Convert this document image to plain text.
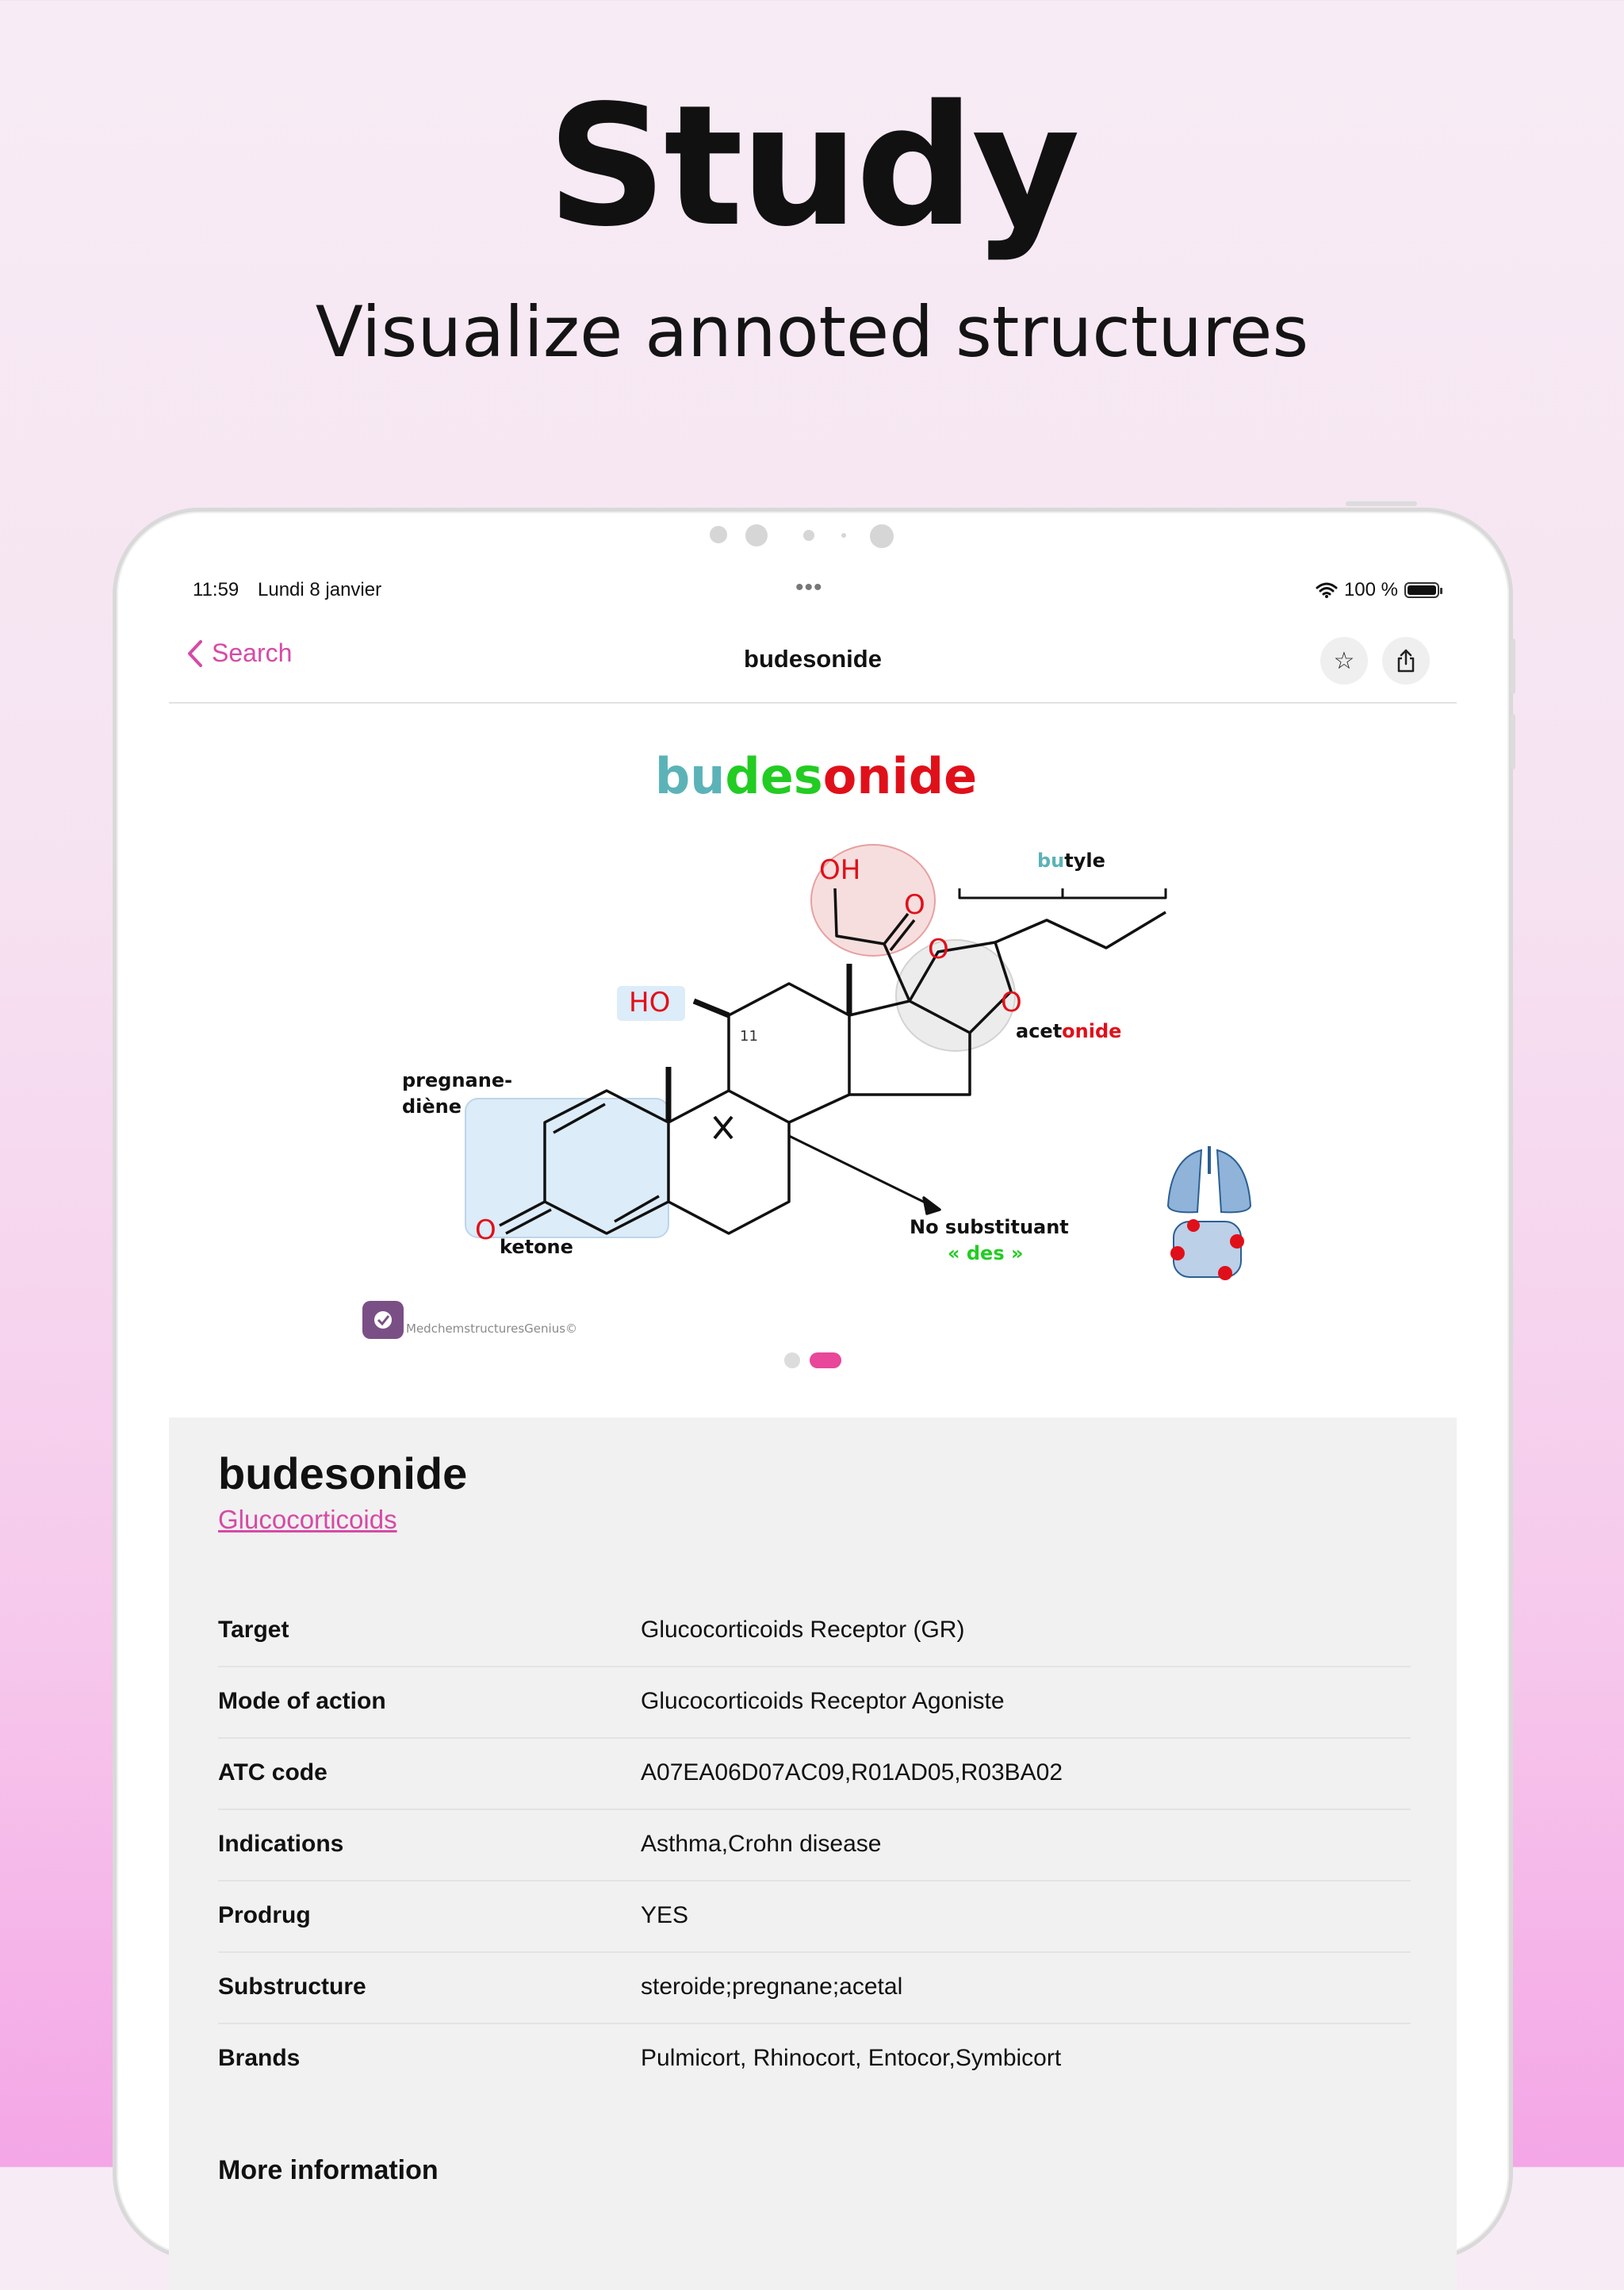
Study
Visualize annoted structures
11:59 Lundi 8 janvier	•••	100 %
Search	budesonide	☆
budesonide
OH
O
O
O
HO
O
butyle
acetonide
pregnane-
diène
ketone
No substituant
« des »
11
MedchemstructuresGenius©

budesonide
Glucocorticoids
Target	Glucocorticoids Receptor (GR)
Mode of action	Glucocorticoids Receptor Agoniste
ATC code	A07EA06D07AC09,R01AD05,R03BA02
Indications	Asthma,Crohn disease
Prodrug	YES
Substructure	steroide;pregnane;acetal
Brands	Pulmicort, Rhinocort, Entocor,Symbicort
More information
